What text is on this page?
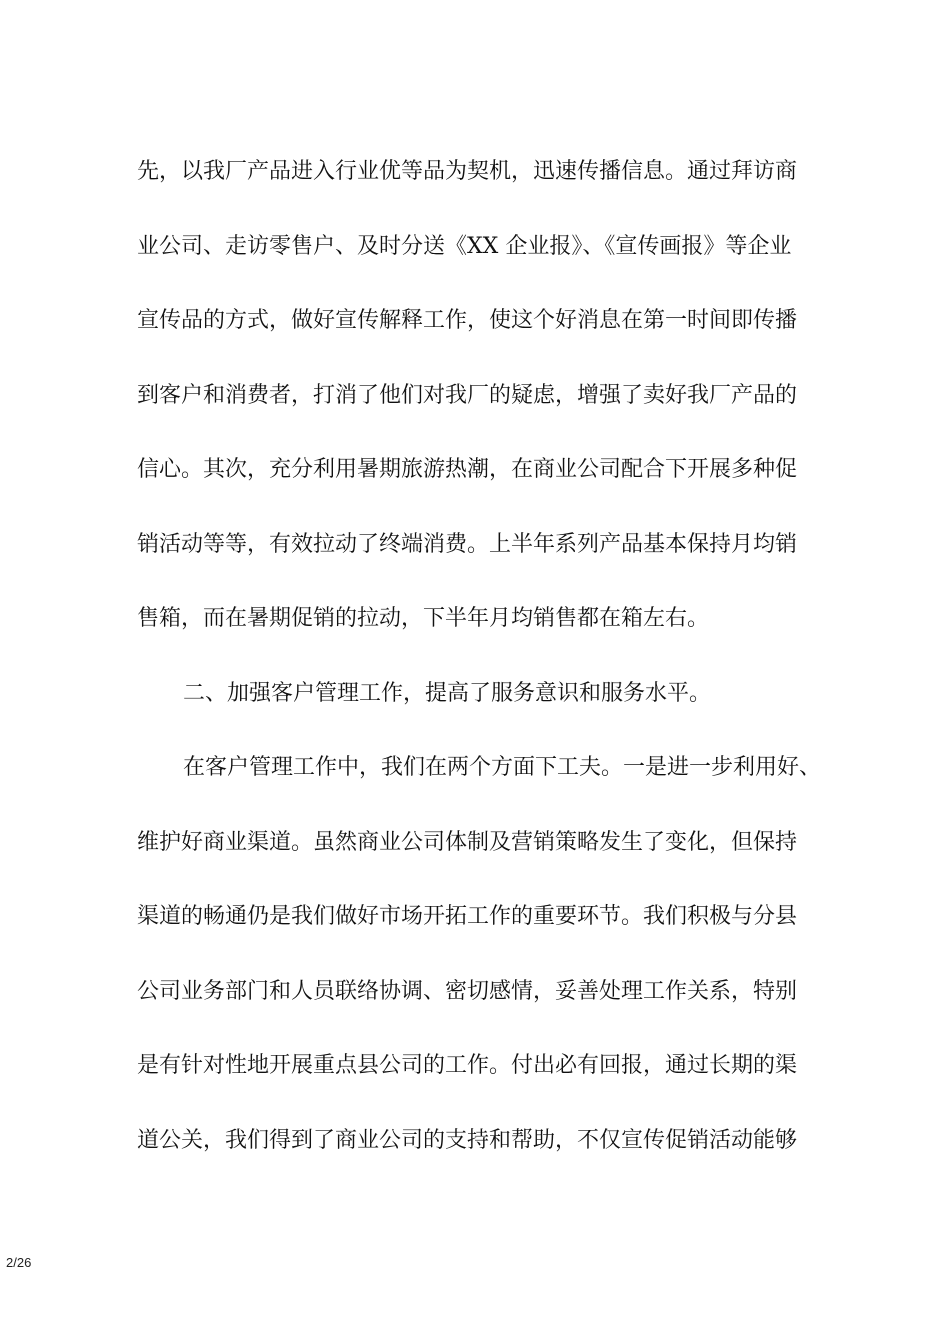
先，以我厂产品进入行业优等品为契机，迅速传播信息。通过拜访商
业公司、走访零售户、及时分送《XX 企业报》、《宣传画报》等企业
宣传品的方式，做好宣传解释工作，使这个好消息在第一时间即传播
到客户和消费者，打消了他们对我厂的疑虑，增强了卖好我厂产品的
信心。其次，充分利用暑期旅游热潮，在商业公司配合下开展多种促
销活动等等，有效拉动了终端消费。上半年系列产品基本保持月均销
售箱，而在暑期促销的拉动，下半年月均销售都在箱左右。
二、加强客户管理工作，提高了服务意识和服务水平。
在客户管理工作中，我们在两个方面下工夫。一是进一步利用好、
维护好商业渠道。虽然商业公司体制及营销策略发生了变化，但保持
渠道的畅通仍是我们做好市场开拓工作的重要环节。我们积极与分县
公司业务部门和人员联络协调、密切感情，妥善处理工作关系，特别
是有针对性地开展重点县公司的工作。付出必有回报，通过长期的渠
道公关，我们得到了商业公司的支持和帮助，不仅宣传促销活动能够
2/26
